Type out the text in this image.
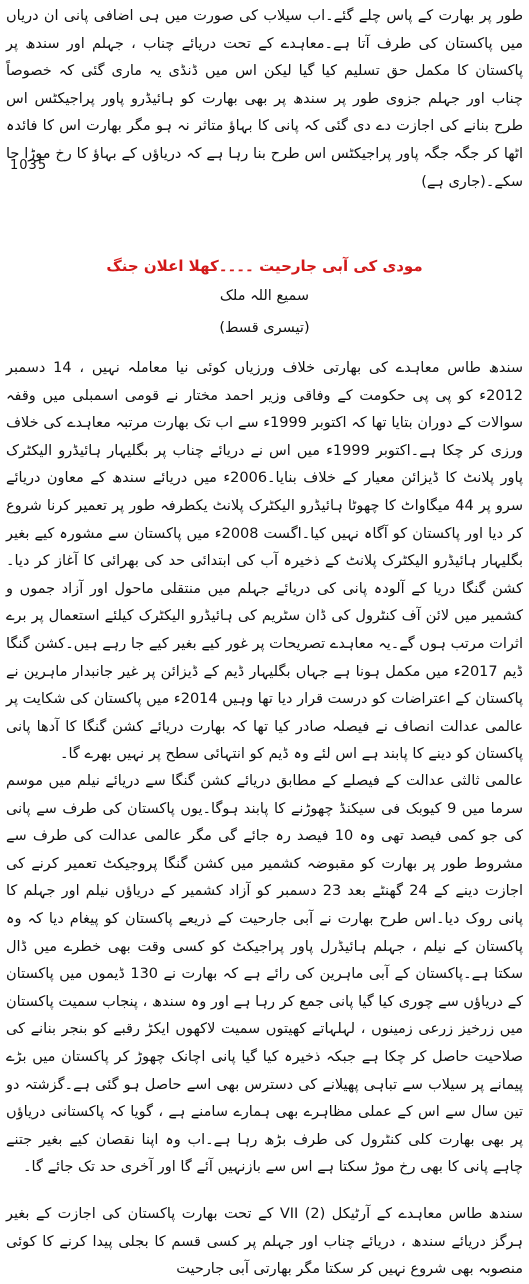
طور پر بھارت کے پاس چلے گئے۔اب سیلاب کی صورت میں ہی اضافی پانی ان دریاں میں پاکستان کی طرف آتا ہے۔معاہدے کے تحت دریائے چناب ، جہلم اور سندھ پر پاکستان کا مکمل حق تسلیم کیا گیا لیکن اس میں ڈنڈی یہ ماری گئی کہ خصوصاً چناب اور جہلم جزوی طور پر سندھ پر بھی بھارت کو ہائیڈرو پاور پراجیکٹس اس طرح بنانے کی اجازت دے دی گئی کہ پانی کا بہاؤ متاثر نہ ہو مگر بھارت اس کا فائدہ اٹھا کر جگہ جگہ پاور پراجیکٹس اس طرح بنا رہا ہے کہ دریاؤں کے بہاؤ کا رخ موڑا جا سکے۔(جاری ہے)

1035
مودی کی آبی جارحیت ۔۔۔۔کھلا اعلان جنگ
سمیع اللہ ملک
(تیسری قسط)

سندھ طاس معاہدے کی بھارتی خلاف ورزیاں کوئی نیا معاملہ نہیں ، 14 دسمبر 2012ء کو پی پی حکومت کے وفاقی وزیر احمد مختار نے قومی اسمبلی میں وقفہ سوالات کے دوران بتایا تھا کہ اکتوبر 1999ء سے اب تک بھارت مرتبہ معاہدے کی خلاف ورزی کر چکا ہے۔اکتوبر 1999ء میں اس نے دریائے چناب پر بگلیہار ہائیڈرو الیکٹرک پاور پلانٹ کا ڈیزائن معیار کے خلاف بنایا۔2006ء میں دریائے سندھ کے معاون دریائے سرو پر 44 میگاواٹ کا چھوٹا ہائیڈرو الیکٹرک پلانٹ یکطرفہ طور پر تعمیر کرنا شروع کر دیا اور پاکستان کو آگاہ نہیں کیا۔اگست 2008ء میں پاکستان سے مشورہ کیے بغیر بگلیہار ہائیڈرو الیکٹرک پلانٹ کے ذخیرہ آب کی ابتدائی حد کی بھرائی کا آغاز کر دیا۔کشن گنگا دریا کے آلودہ پانی کی دریائے جہلم میں منتقلی ماحول اور آزاد جموں و کشمیر میں لائن آف کنٹرول کی ڈان سٹریم کی ہائیڈرو الیکٹرک کیلئے استعمال پر برے اثرات مرتب ہوں گے۔یہ معاہدے تصریحات پر غور کیے بغیر کیے جا رہے ہیں۔کشن گنگا ڈیم 2017ء میں مکمل ہونا ہے جہاں بگلیہار ڈیم کے ڈیزائن پر غیر جانبدار ماہرین نے پاکستان کے اعتراضات کو درست قرار دیا تھا وہیں 2014ء میں پاکستان کی شکایت پر عالمی عدالت انصاف نے فیصلہ صادر کیا تھا کہ بھارت دریائے کشن گنگا کا آدھا پانی پاکستان کو دینے کا پابند ہے اس لئے وہ ڈیم کو انتہائی سطح پر نہیں بھرے گا۔

عالمی ثالثی عدالت کے فیصلے کے مطابق دریائے کشن گنگا سے دریائے نیلم میں موسم سرما میں 9 کیوبک فی سیکنڈ چھوڑنے کا پابند ہوگا۔یوں پاکستان کی طرف سے پانی کی جو کمی فیصد تھی وہ 10 فیصد رہ جائے گی مگر عالمی عدالت کی طرف سے مشروط طور پر بھارت کو مقبوضہ کشمیر میں کشن گنگا پروجیکٹ تعمیر کرنے کی اجازت دینے کے 24 گھنٹے بعد 23 دسمبر کو آزاد کشمیر کے دریاؤں نیلم اور جہلم کا پانی روک دیا۔اس طرح بھارت نے آبی جارحیت کے ذریعے پاکستان کو پیغام دیا کہ وہ پاکستان کے نیلم ، جہلم ہائیڈرل پاور پراجیکٹ کو کسی وقت بھی خطرے میں ڈال سکتا ہے۔پاکستان کے آبی ماہرین کی رائے ہے کہ بھارت نے 130 ڈیموں میں پاکستان کے دریاؤں سے چوری کیا گیا پانی جمع کر رہا ہے اور وہ سندھ ، پنجاب سمیت پاکستان میں زرخیز زرعی زمینوں ، لہلہاتے کھیتوں سمیت لاکھوں ایکڑ رقبے کو بنجر بنانے کی صلاحیت حاصل کر چکا ہے جبکہ ذخیرہ کیا گیا پانی اچانک چھوڑ کر پاکستان میں بڑے پیمانے پر سیلاب سے تباہی پھیلانے کی دسترس بھی اسے حاصل ہو گئی ہے۔گزشتہ دو تین سال سے اس کے عملی مظاہرے بھی ہمارے سامنے ہے ، گویا کہ پاکستانی دریاؤں پر بھی بھارت کلی کنٹرول کی طرف بڑھ رہا ہے۔اب وہ اپنا نقصان کیے بغیر جتنے چاہے پانی کا بھی رخ موڑ سکتا ہے اس سے بازنہیں آئے گا اور آخری حد تک جائے گا۔

سندھ طاس معاہدے کے آرٹیکل (2) VII کے تحت بھارت پاکستان کی اجازت کے بغیر ہرگز دریائے سندھ ، دریائے چناب اور جہلم پر کسی قسم کا بجلی پیدا کرنے کا کوئی منصوبہ بھی شروع نہیں کر سکتا مگر بھارتی آبی جارحیت
